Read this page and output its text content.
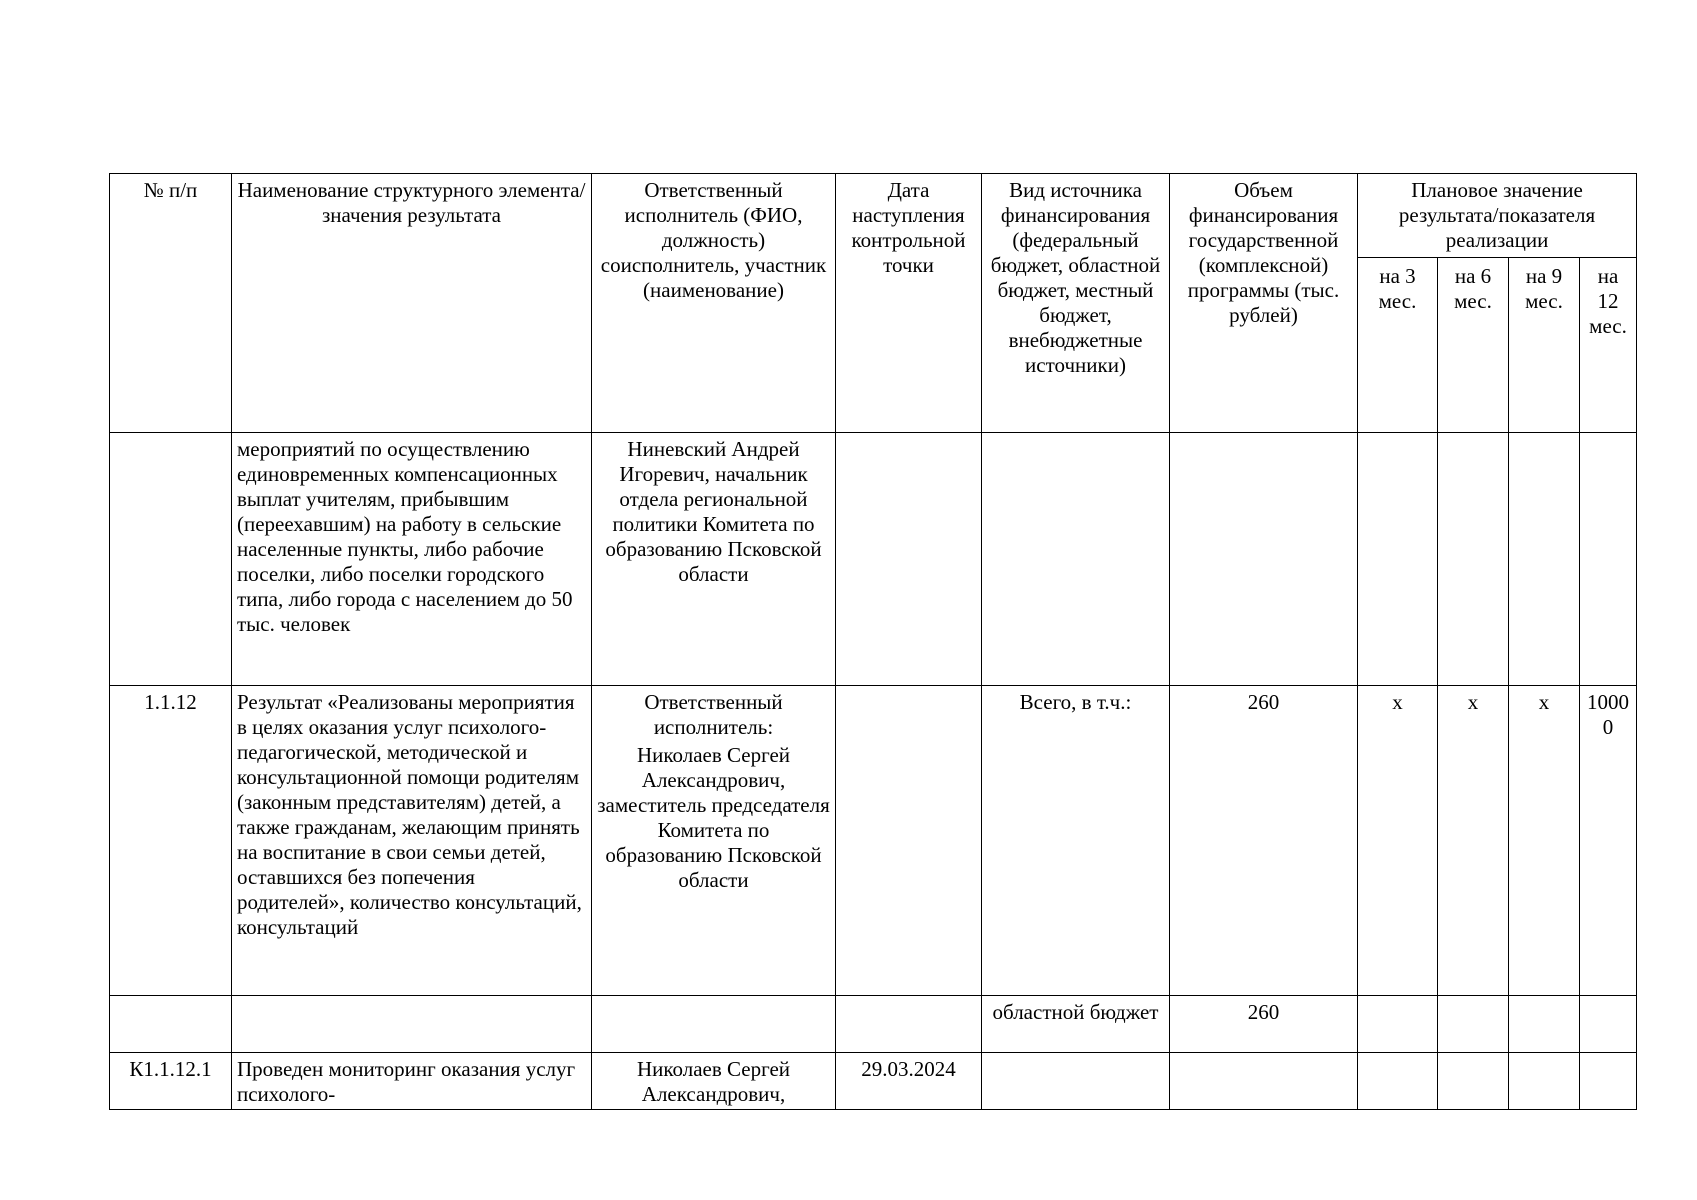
№ п/п	Наименование структурного элемента/ значения результата	Ответственный исполнитель (ФИО, должность) соисполнитель, участник (наименование)	Дата наступления контрольной точки	Вид источника финансирования (федеральный бюджет, областной бюджет, местный бюджет, внебюджетные источники)	Объем финансирования государственной (комплексной) программы (тыс. рублей)	Плановое значение результата/показателя реализации			
						на 3 мес.	на 6 мес.	на 9 мес.	на 12 мес.
	мероприятий по осуществлению единовременных компенсационных выплат учителям, прибывшим (переехавшим) на работу в сельские населенные пункты, либо рабочие поселки, либо поселки городского типа, либо города с населением до 50 тыс. человек	Ниневский Андрей Игоревич, начальник отдела региональной политики Комитета по образованию Псковской области							

1.1.12	Результат «Реализованы мероприятия в целях оказания услуг психолого-педагогической, методической и консультационной помощи родителям (законным представителям) детей, а также гражданам, желающим принять на воспитание в свои семьи детей, оставшихся без попечения родителей», количество консультаций, консультаций	Ответственный исполнитель:
Николаев Сергей Александрович, заместитель председателя Комитета по образованию Псковской области		Всего, в т.ч.:	260	х	х	х	10000
				областной бюджет	260				
К1.1.12.1	Проведен мониторинг оказания услуг психолого-	Николаев Сергей Александрович,	29.03.2024						
